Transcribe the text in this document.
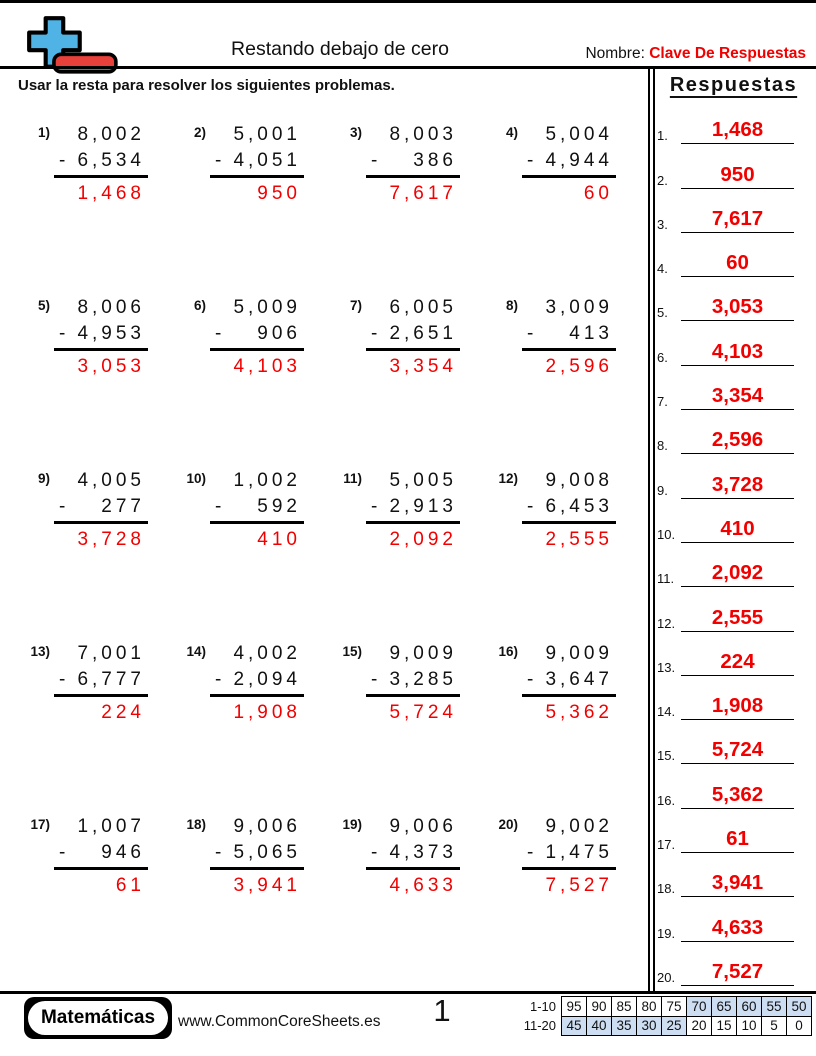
Restando debajo de cero	Nombre: Clave De Respuestas
Usar la resta para resolver los siguientes problemas.
1)	8,002
- 6,534
1,468
2)	5,001
- 4,051
950
3)	8,003
- 386
7,617
4)	5,004
- 4,944
60
5)	8,006
- 4,953
3,053
6)	5,009
- 906
4,103
7)	6,005
- 2,651
3,354
8)	3,009
- 413
2,596
9)	4,005
- 277
3,728
10)	1,002
- 592
410
11)	5,005
- 2,913
2,092
12)	9,008
- 6,453
2,555
13)	7,001
- 6,777
224
14)	4,002
- 2,094
1,908
15)	9,009
- 3,285
5,724
16)	9,009
- 3,647
5,362
17)	1,007
- 946
61
18)	9,006
- 5,065
3,941
19)	9,006
- 4,373
4,633
20)	9,002
- 1,475
7,527
Respuestas
1.	1,468
2.	950
3.	7,617
4.	60
5.	3,053
6.	4,103
7.	3,354
8.	2,596
9.	3,728
10.	410
11.	2,092
12.	2,555
13.	224
14.	1,908
15.	5,724
16.	5,362
17.	61
18.	3,941
19.	4,633
20.	7,527
Matemáticas	www.CommonCoreSheets.es	1	1-10	95	90	85	80	75	70	65	60	55	50
11-20	45	40	35	30	25	20	15	10	5	0
